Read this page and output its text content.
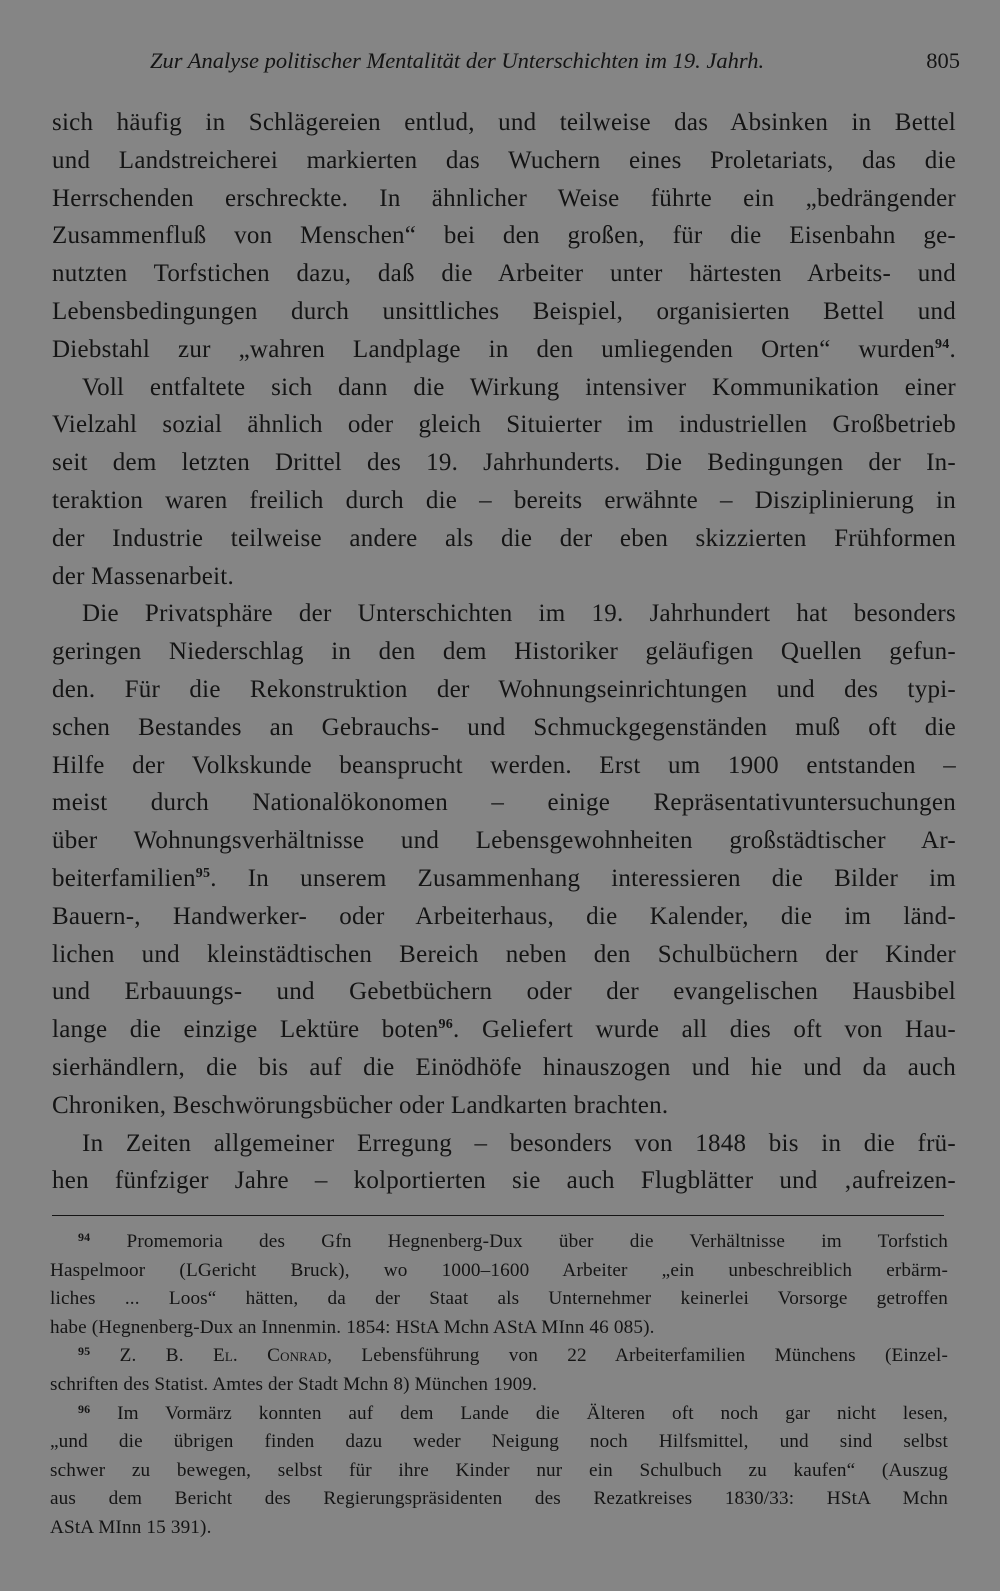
Zur Analyse politischer Mentalität der Unterschichten im 19. Jahrh.	805
sich häufig in Schlägereien entlud, und teilweise das Absinken in Bettel
und Landstreicherei markierten das Wuchern eines Proletariats, das die
Herrschenden erschreckte. In ähnlicher Weise führte ein „bedrängender
Zusammenfluß von Menschen“ bei den großen, für die Eisenbahn ge-
nutzten Torfstichen dazu, daß die Arbeiter unter härtesten Arbeits- und
Lebensbedingungen durch unsittliches Beispiel, organisierten Bettel und
Diebstahl zur „wahren Landplage in den umliegenden Orten“ wurden$^{94}$.
Voll entfaltete sich dann die Wirkung intensiver Kommunikation einer
Vielzahl sozial ähnlich oder gleich Situierter im industriellen Großbetrieb
seit dem letzten Drittel des 19. Jahrhunderts. Die Bedingungen der In-
teraktion waren freilich durch die – bereits erwähnte – Disziplinierung in
der Industrie teilweise andere als die der eben skizzierten Frühformen
der Massenarbeit.
Die Privatsphäre der Unterschichten im 19. Jahrhundert hat besonders
geringen Niederschlag in den dem Historiker geläufigen Quellen gefun-
den. Für die Rekonstruktion der Wohnungseinrichtungen und des typi-
schen Bestandes an Gebrauchs- und Schmuckgegenständen muß oft die
Hilfe der Volkskunde beansprucht werden. Erst um 1900 entstanden –
meist durch Nationalökonomen – einige Repräsentativuntersuchungen
über Wohnungsverhältnisse und Lebensgewohnheiten großstädtischer Ar-
beiterfamilien$^{95}$. In unserem Zusammenhang interessieren die Bilder im
Bauern-, Handwerker- oder Arbeiterhaus, die Kalender, die im länd-
lichen und kleinstädtischen Bereich neben den Schulbüchern der Kinder
und Erbauungs- und Gebetbüchern oder der evangelischen Hausbibel
lange die einzige Lektüre boten$^{96}$. Geliefert wurde all dies oft von Hau-
sierhändlern, die bis auf die Einödhöfe hinauszogen und hie und da auch
Chroniken, Beschwörungsbücher oder Landkarten brachten.
In Zeiten allgemeiner Erregung – besonders von 1848 bis in die frü-
hen fünfziger Jahre – kolportierten sie auch Flugblätter und ‚aufreizen-
$^{94}$ Promemoria des Gfn Hegnenberg-Dux über die Verhältnisse im Torfstich
Haspelmoor (LGericht Bruck), wo 1000–1600 Arbeiter „ein unbeschreiblich erbärm-
liches ... Loos“ hätten, da der Staat als Unternehmer keinerlei Vorsorge getroffen
habe (Hegnenberg-Dux an Innenmin. 1854: HStA Mchn AStA MInn 46 085).
$^{95}$ Z. B. El. Conrad, Lebensführung von 22 Arbeiterfamilien Münchens (Einzel-
schriften des Statist. Amtes der Stadt Mchn 8) München 1909.
$^{96}$ Im Vormärz konnten auf dem Lande die Älteren oft noch gar nicht lesen,
„und die übrigen finden dazu weder Neigung noch Hilfsmittel, und sind selbst
schwer zu bewegen, selbst für ihre Kinder nur ein Schulbuch zu kaufen“ (Auszug
aus dem Bericht des Regierungspräsidenten des Rezatkreises 1830/33: HStA Mchn
AStA MInn 15 391).
